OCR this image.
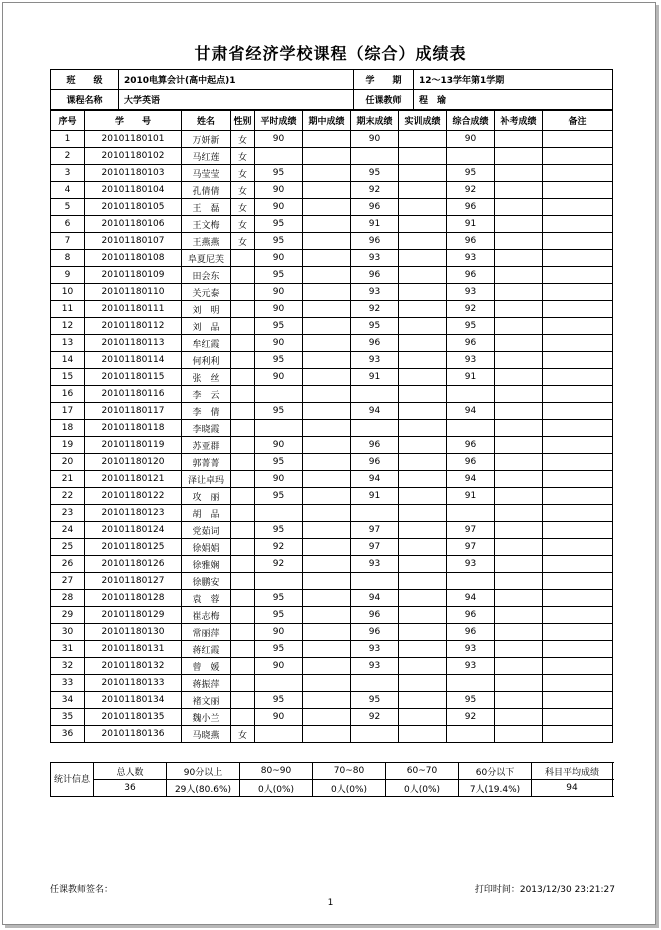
甘肃省经济学校课程（综合）成绩表
班　　级	2010电算会计(高中起点)1	学　　期	12～13学年第1学期
课程名称	大学英语	任课教师	程　瑜
序号	学　　号	姓名	性别	平时成绩	期中成绩	期末成绩	实训成绩	综合成绩	补考成绩	备注
1	20101180101	万妍新	女	90		90		90		
2	20101180102	马红莲	女							
3	20101180103	马莹莹	女	95		95		95		
4	20101180104	孔倩倩	女	90		92		92		
5	20101180105	王　磊	女	90		96		96		
6	20101180106	王文梅	女	95		91		91		
7	20101180107	王燕燕	女	95		96		96		
8	20101180108	阜夏尼芙		90		93		93		
9	20101180109	田会东		95		96		96		
10	20101180110	关元泰		90		93		93		
11	20101180111	刘　明		90		92		92		
12	20101180112	刘　品		95		95		95		
13	20101180113	牟红霞		90		96		96		
14	20101180114	何利利		95		93		93		
15	20101180115	张　丝		90		91		91		
16	20101180116	李　云								
17	20101180117	李　倩		95		94		94		
18	20101180118	李晓霞								
19	20101180119	苏亚群		90		96		96		
20	20101180120	郭菁菁		95		96		96		
21	20101180121	泽让卓玛		90		94		94		
22	20101180122	攻　丽		95		91		91		
23	20101180123	胡　品								
24	20101180124	党茹词		95		97		97		
25	20101180125	徐娟娟		92		97		97		
26	20101180126	徐雅娴		92		93		93		
27	20101180127	徐鹏安								
28	20101180128	袁　蓉		95		94		94		
29	20101180129	崔志梅		95		96		96		
30	20101180130	常丽萍		90		96		96		
31	20101180131	蒋红霞		95		93		93		
32	20101180132	曾　媛		90		93		93		
33	20101180133	蒋振萍								
34	20101180134	褚文丽		95		95		95		
35	20101180135	魏小兰		90		92		92		
36	20101180136	马晓燕	女							
统计信息	总人数	90分以上	80~90	70~80	60~70	60分以下	科目平均成绩
	36	29人(80.6%)	0人(0%)	0人(0%)	0人(0%)	7人(19.4%)	94
任课教师签名：	打印时间：2013/12/30 23:21:27
1
